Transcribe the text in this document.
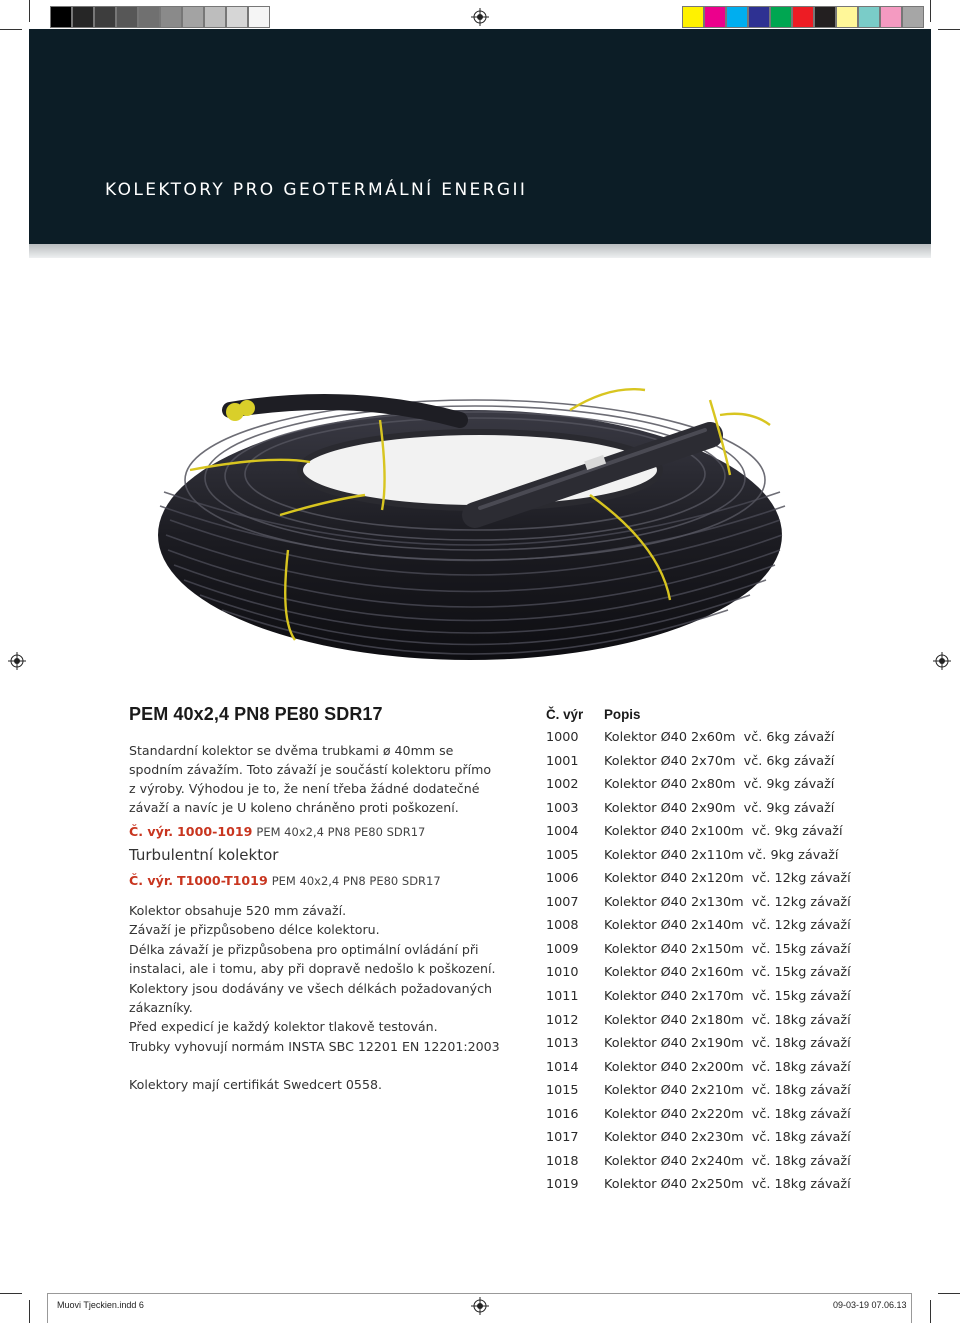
KOLEKTORY PRO GEOTERMÁLNÍ ENERGII
PEM 40x2,4 PN8 PE80 SDR17
Standardní kolektor se dvěma trubkami ø 40mm se
spodním závažím. Toto závaží je součástí kolektoru přímo
z výroby. Výhodou je to, že není třeba žádné dodatečné
závaží a navíc je U koleno chráněno proti poškození.
Č. výr. 1000-1019 PEM 40x2,4 PN8 PE80 SDR17
Turbulentní kolektor
Č. výr. T1000-T1019 PEM 40x2,4 PN8 PE80 SDR17
Kolektor obsahuje 520 mm závaží.
Závaží je přizpůsobeno délce kolektoru.
Délka závaží je přizpůsobena pro optimální ovládání při
instalaci, ale i tomu, aby při dopravě nedošlo k poškození.
Kolektory jsou dodávány ve všech délkách požadovaných
zákazníky.
Před expedicí je každý kolektor tlakově testován.
Trubky vyhovují normám INSTA SBC 12201 EN 12201:2003
Kolektory mají certifikát Swedcert 0558.
Č. výr	Popis
1000	Kolektor Ø40 2x60m  vč. 6kg závaží
1001	Kolektor Ø40 2x70m  vč. 6kg závaží
1002	Kolektor Ø40 2x80m  vč. 9kg závaží
1003	Kolektor Ø40 2x90m  vč. 9kg závaží
1004	Kolektor Ø40 2x100m  vč. 9kg závaží
1005	Kolektor Ø40 2x110m vč. 9kg závaží
1006	Kolektor Ø40 2x120m  vč. 12kg závaží
1007	Kolektor Ø40 2x130m  vč. 12kg závaží
1008	Kolektor Ø40 2x140m  vč. 12kg závaží
1009	Kolektor Ø40 2x150m  vč. 15kg závaží
1010	Kolektor Ø40 2x160m  vč. 15kg závaží
1011	Kolektor Ø40 2x170m  vč. 15kg závaží
1012	Kolektor Ø40 2x180m  vč. 18kg závaží
1013	Kolektor Ø40 2x190m  vč. 18kg závaží
1014	Kolektor Ø40 2x200m  vč. 18kg závaží
1015	Kolektor Ø40 2x210m  vč. 18kg závaží
1016	Kolektor Ø40 2x220m  vč. 18kg závaží
1017	Kolektor Ø40 2x230m  vč. 18kg závaží
1018	Kolektor Ø40 2x240m  vč. 18kg závaží
1019	Kolektor Ø40 2x250m  vč. 18kg závaží
Muovi Tjeckien.indd 6	09-03-19 07.06.13
